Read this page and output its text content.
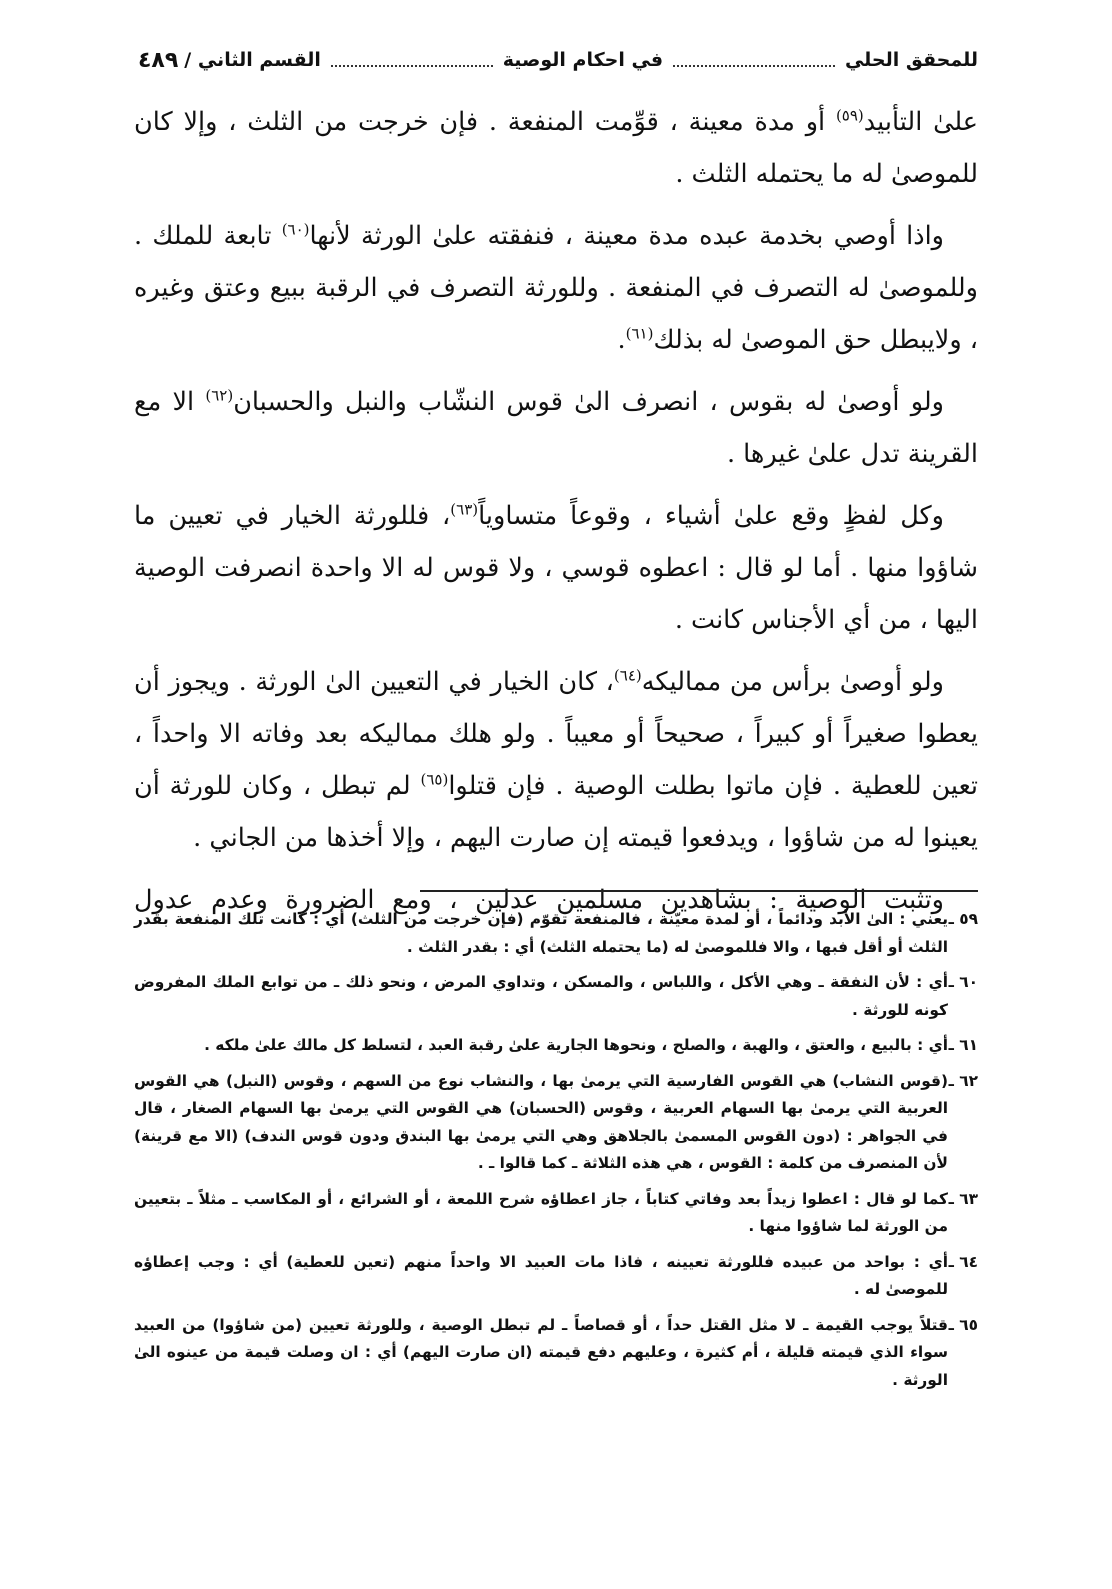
للمحقق الحلي
في احكام الوصية
القسم الثاني /
٤٨٩

علىٰ التأبيد$^{(٥٩)}$ أو مدة معينة ، قوِّمت المنفعة . فإن خرجت من الثلث ، وإلا كان للموصىٰ له ما يحتمله الثلث .

واذا أوصي بخدمة عبده مدة معينة ، فنفقته علىٰ الورثة لأنها$^{(٦٠)}$ تابعة للملك . وللموصىٰ له التصرف في المنفعة . وللورثة التصرف في الرقبة ببيع وعتق وغيره ، ولايبطل حق الموصىٰ له بذلك$^{(٦١)}$.

ولو أوصىٰ له بقوس ، انصرف الىٰ قوس النشّاب والنبل والحسبان$^{(٦٢)}$ الا مع القرينة تدل علىٰ غيرها .

وكل لفظٍ وقع علىٰ أشياء ، وقوعاً متساوياً$^{(٦٣)}$، فللورثة الخيار في تعيين ما شاؤوا منها . أما لو قال : اعطوه قوسي ، ولا قوس له الا واحدة انصرفت الوصية اليها ، من أي الأجناس كانت .

ولو أوصىٰ برأس من مماليكه$^{(٦٤)}$، كان الخيار في التعيين الىٰ الورثة . ويجوز أن يعطوا صغيراً أو كبيراً ، صحيحاً أو معيباً . ولو هلك مماليكه بعد وفاته الا واحداً ، تعين للعطية . فإن ماتوا بطلت الوصية . فإن قتلوا$^{(٦٥)}$ لم تبطل ، وكان للورثة أن يعينوا له من شاؤوا ، ويدفعوا قيمته إن صارت اليهم ، وإلا أخذها من الجاني .

وتثبت الوصية : بشاهدين مسلمين عدلين ، ومع الضرورة وعدم عدول

٥٩ ـيعني : الىٰ الأبد ودائماً ، أو لمدة معيّنة ، فالمنفعة تقوّم (فإن خرجت من الثلث) أي : كانت تلك المنفعة بقدر الثلث أو أقل فبها ، والا فللموصىٰ له (ما يحتمله الثلث) أي : بقدر الثلث .

٦٠ ـأي : لأن النفقة ـ وهي الأكل ، واللباس ، والمسكن ، وتداوي المرض ، ونحو ذلك ـ من توابع الملك المفروض كونه للورثة .

٦١ ـأي : بالبيع ، والعتق ، والهبة ، والصلح ، ونحوها الجارية علىٰ رقبة العبد ، لتسلط كل مالك علىٰ ملكه .

٦٢ ـ(قوس النشاب) هي القوس الفارسية التي يرمىٰ بها ، والنشاب نوع من السهم ، وقوس (النبل) هي القوس العربية التي يرمىٰ بها السهام العربية ، وقوس (الحسبان) هي القوس التي يرمىٰ بها السهام الصغار ، قال في الجواهر : (دون القوس المسمىٰ بالجلاهق وهي التي يرمىٰ بها البندق ودون قوس الندف) (الا مع قرينة) لأن المنصرف من كلمة : القوس ، هي هذه الثلاثة ـ كما قالوا ـ .

٦٣ ـكما لو قال : اعطوا زيداً بعد وفاتي كتاباً ، جاز اعطاؤه شرح اللمعة ، أو الشرائع ، أو المكاسب ـ مثلاً ـ بتعيين من الورثة لما شاؤوا منها .

٦٤ ـأي : بواحد من عبيده فللورثة تعيينه ، فاذا مات العبيد الا واحداً منهم (تعين للعطية) أي : وجب إعطاؤه للموصىٰ له .

٦٥ ـقتلاً يوجب القيمة ـ لا مثل القتل حداً ، أو قصاصاً ـ لم تبطل الوصية ، وللورثة تعيين (من شاؤوا) من العبيد سواء الذي قيمته قليلة ، أم كثيرة ، وعليهم دفع قيمته (ان صارت اليهم) أي : ان وصلت قيمة من عينوه الىٰ الورثة .
